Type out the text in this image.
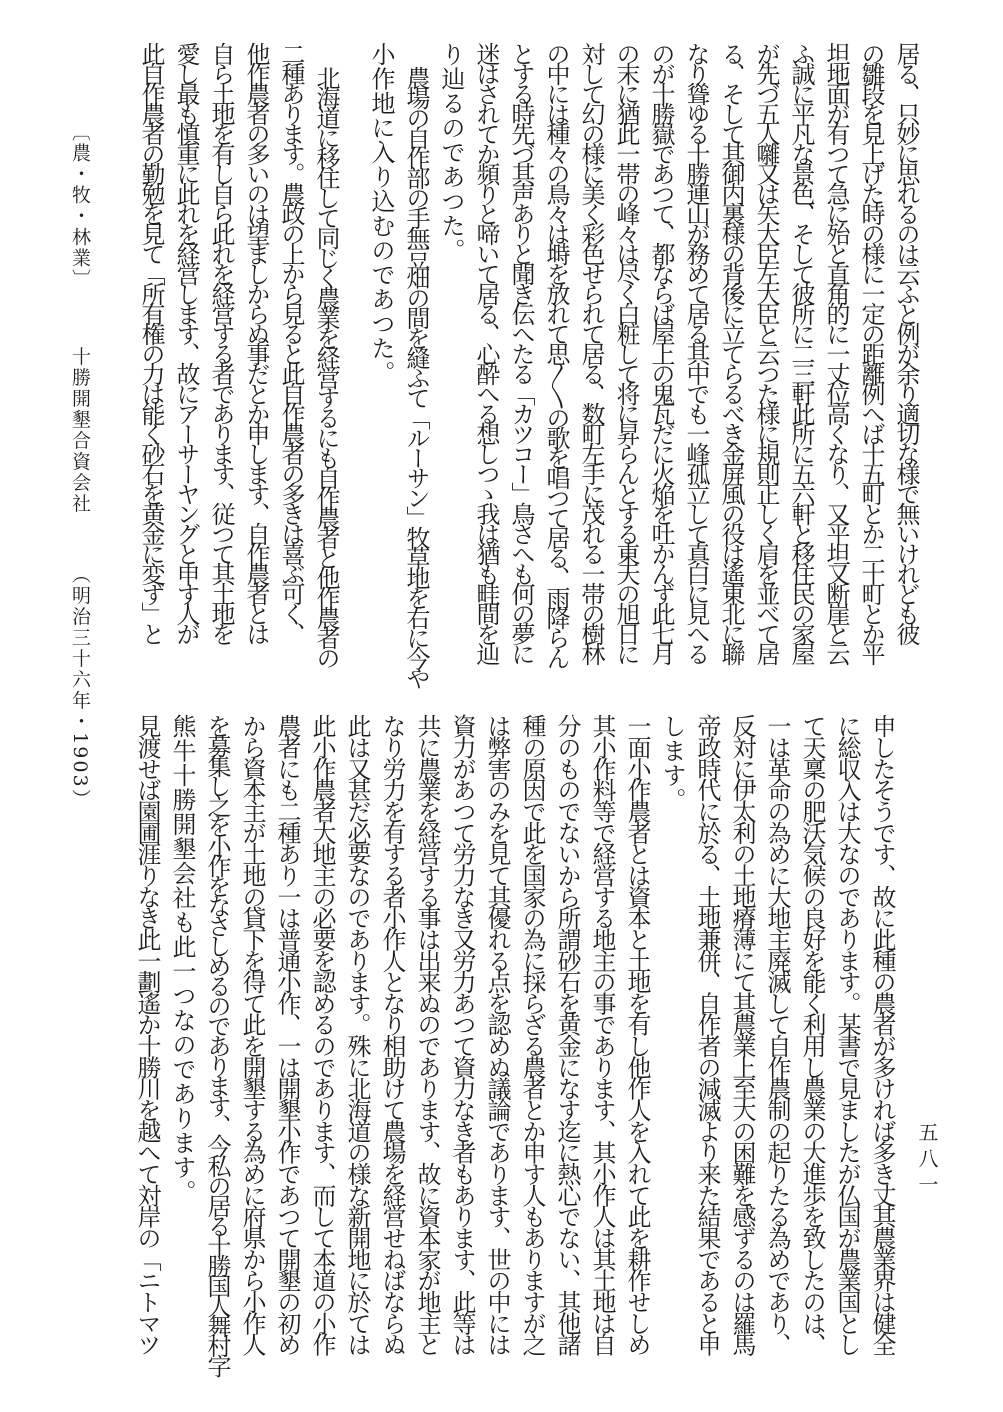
居る、只妙に思れるのは云ふと例が余り適切な様で無いけれども彼
の雛段を見上げた時の様に一定の距離例へば十五町とか二十町とか平
坦地面が有つて急に殆と直角的に一丈位高くなり、又平坦又断崖と云
ふ誠に平凡な景色、そして彼所に二三軒此所に五六軒と移住民の家屋
が先づ五人囃又は矢大臣左大臣と云つた様に規則正しく肩を並べて居
る、そして其御内裏様の背後に立てらるべき金屏風の役は遙東北に聯
なり聳ゆる十勝連山が務めて居る其中でも一峰孤立して真白に見へる
のが十勝嶽であつて、都ならば屋上の鬼瓦だに火焔を吐かんず此七月
の末に猶此一帯の峰々は尽く白粧して将に昇らんとする東天の旭日に
対して幻の様に美く彩色せられて居る、数町左手に茂れる一帯の樹林
の中には種々の鳥々は塒を放れて思〳〵の歌を唱つて居る、雨降らん
とする時先づ其声ありと聞き伝へたる「カツコー」鳥さへも何の夢に
迷はされてか頻りと啼いて居る、心酔へる想しつゝ我は猶も畦間を辿
り辿るのであつた。
農場の自作部の手無豆畑の間を縫ふて「ルーサン」牧草地を右に今や
小作地に入り込むのであつた。
北海道に移住して同じく農業を経営するにも自作農者と他作農者の
二種あります。農政の上から見ると此自作農者の多きは喜ぶ可く、
他作農者の多いのは望ましからぬ事だとか申します、自作農者とは
自ら土地を有し自ら此れを経営する者であります、従つて其土地を
愛し最も慎重に此れを経営します、故にアーサーヤングと申す人が
此自作農者の勤勉を見て「所有権の力は能く砂石を黄金に変ず」と
〔農・牧・林業〕  十勝開墾合資会社  （明治三十六年・1903）
申したそうです、故に此種の農者が多ければ多き丈其農業界は健全
に総収入は大なのであります。某書で見ましたが仏国が農業国とし
て天稟の肥沃気候の良好を能く利用し農業の大進歩を致したのは、
一は革命の為めに大地主廃滅して自作農制の起りたる為めであり、
反対に伊太利の土地瘠薄にて其農業上至大の困難を感ずるのは羅馬
帝政時代に於る、土地兼併、自作者の減滅より来た結果であると申
します。
一面小作農者とは資本と土地を有し他作人を入れて此を耕作せしめ
其小作料等で経営する地主の事であります、其小作人は其土地は自
分のものでないから所謂砂石を黄金になす迄に熱心でない、其他諸
種の原因で此を国家の為に採らざる農者とか申す人もありますが之
は弊害のみを見て其優れる点を認めぬ議論であります、世の中には
資力があつて労力なき又労力あつて資力なき者もあります、此等は
共に農業を経営する事は出来ぬのであります、故に資本家が地主と
なり労力を有する者小作人となり相助けて農場を経営せねばならぬ
此は又甚だ必要なのであります。殊に北海道の様な新開地に於ては
此小作農者大地主の必要を認めるのであります、而して本道の小作
農者にも二種あり一は普通小作、一は開墾小作であつて開墾の初め
から資本主が土地の貸下を得て此を開墾する為めに府県から小作人
を募集し之を小作をなさしめるのであります、今私の居る十勝国人舞村字
熊牛十勝開墾会社も此一つなのであります。
見渡せば園圃涯りなき此一劃遙か十勝川を越へて対岸の「ニトマツ	五八一
